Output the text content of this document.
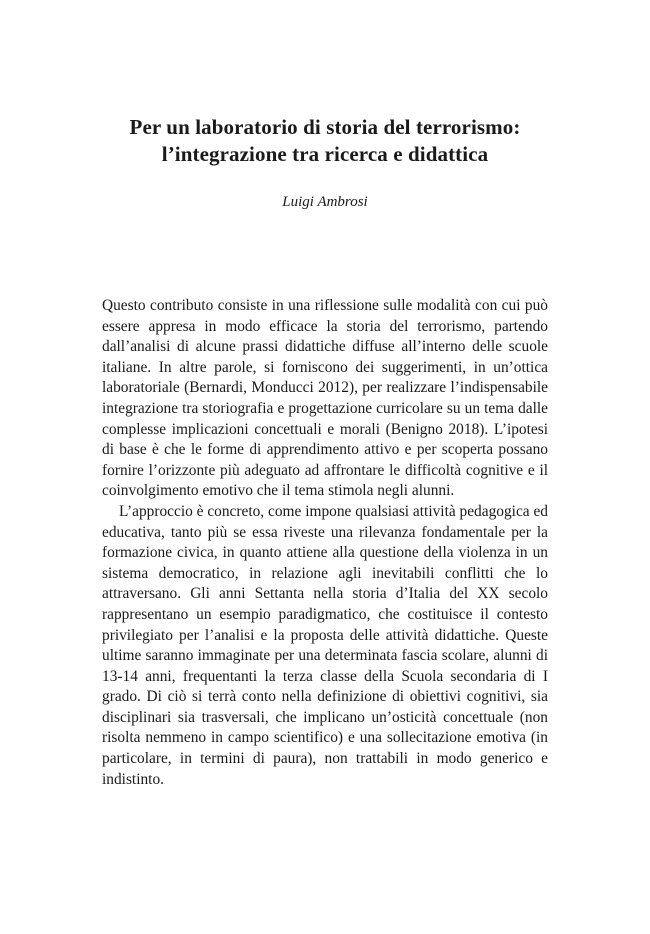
Per un laboratorio di storia del terrorismo:
l’integrazione tra ricerca e didattica
Luigi Ambrosi

Questo contributo consiste in una riflessione sulle modalità con cui può essere appresa in modo efficace la storia del terrorismo, partendo dall’analisi di alcune prassi didattiche diffuse all’interno delle scuole italiane. In altre parole, si forniscono dei suggerimenti, in un’ottica laboratoriale (Bernardi, Monducci 2012), per realizzare l’indispensabile integrazione tra storiografia e progettazione curricolare su un tema dalle complesse implicazioni concettuali e morali (Benigno 2018). L’ipotesi di base è che le forme di apprendimento attivo e per scoperta possano fornire l’orizzonte più adeguato ad affrontare le difficoltà cognitive e il coinvolgimento emotivo che il tema stimola negli alunni.

L’approccio è concreto, come impone qualsiasi attività pedagogica ed educativa, tanto più se essa riveste una rilevanza fondamentale per la formazione civica, in quanto attiene alla questione della violenza in un sistema democratico, in relazione agli inevitabili conflitti che lo attraversano. Gli anni Settanta nella storia d’Italia del XX secolo rappresentano un esempio paradigmatico, che costituisce il contesto privilegiato per l’analisi e la proposta delle attività didattiche. Queste ultime saranno immaginate per una determinata fascia scolare, alunni di 13-14 anni, frequentanti la terza classe della Scuola secondaria di I grado. Di ciò si terrà conto nella definizione di obiettivi cognitivi, sia disciplinari sia trasversali, che implicano un’osticità concettuale (non risolta nemmeno in campo scientifico) e una sollecitazione emotiva (in particolare, in termini di paura), non trattabili in modo generico e indistinto.
